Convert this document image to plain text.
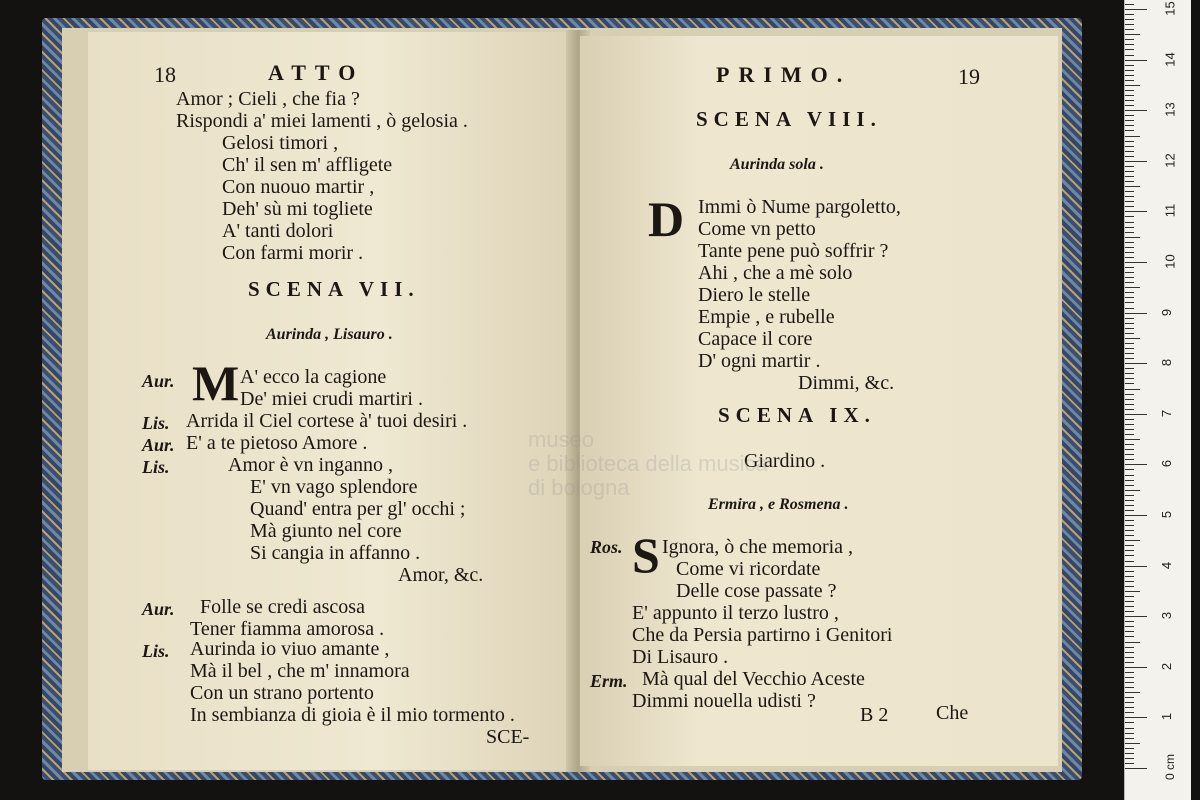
18	ATTO
Amor ; Cieli , che fia ?
Rispondi a' miei lamenti , ò gelosia .
Gelosi timori ,
Ch' il sen m' affligete
Con nuouo martir ,
Deh' sù mi togliete
A' tanti dolori
Con farmi morir .
SCENA VII.
Aurinda , Lisauro .
Aur. M A' ecco la cagione
De' miei crudi martiri .
Lis. Arrida il Ciel cortese à' tuoi desiri .
Aur. E' a te pietoso Amore .
Lis.	Amor è vn inganno ,
E' vn vago splendore
Quand' entra per gl' occhi ;
Mà giunto nel core
Si cangia in affanno .
Amor, &c.
Aur. Folle se credi ascosa
Tener fiamma amorosa .
Lis. Aurinda io viuo amante ,
Mà il bel , che m' innamora
Con un strano portento
In sembianza di gioia è il mio tormento .
SCE-
PRIMO.	19
SCENA VIII.
Aurinda sola .
D Immi ò Nume pargoletto,
Come vn petto
Tante pene può soffrir ?
Ahi , che a mè solo
Diero le stelle
Empie , e rubelle
Capace il core
D' ogni martir .
Dimmi, &c.
SCENA IX.
Giardino .
Ermira , e Rosmena .
Ros. S Ignora, ò che memoria ,
Come vi ricordate
Delle cose passate ?
E' appunto il terzo lustro ,
Che da Persia partirno i Genitori
Di Lisauro .
Erm. Mà qual del Vecchio Aceste
Dimmi nouella udisti ?
B 2 Che
museo
e biblioteca della musica
di bologna
0 cm
1
2
3
4
5
6
7
8
9
10
11
12
13
14
15
